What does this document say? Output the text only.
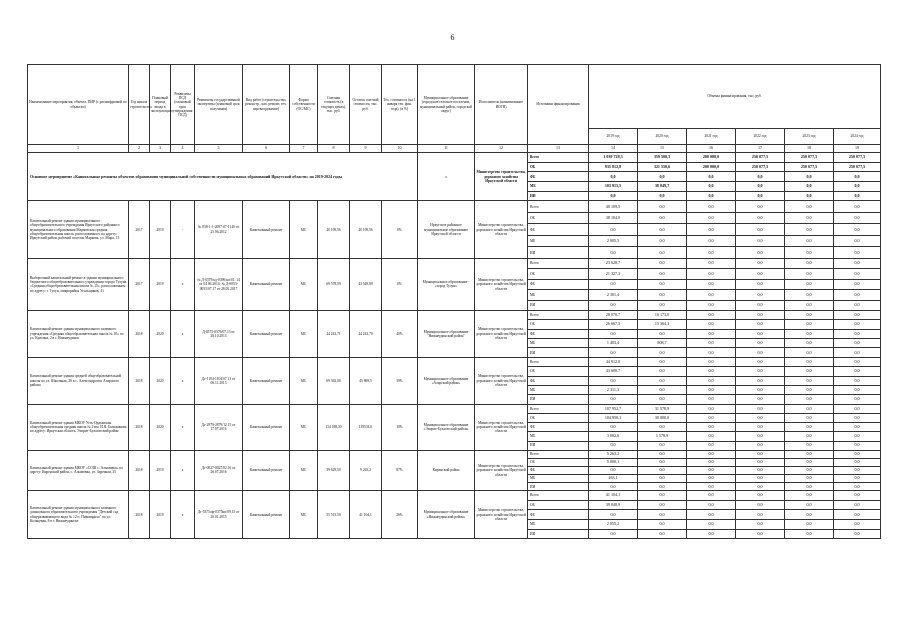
6
Наименование мероприятия, объекта, ПИР (с расшифровкой по объектам)	Год начала строительства	Плановый период ввода в эксплуатацию	Реквизиты ПСД (плановый срок утверждения ПСД)	Реквизиты государственной экспертизы (плановый срок получения)	Вид работ (строительство, реконстр., кап. ремонт, тех. перевооружение)	Форма собственности (ОС/МС)	Сметная стоимость (в текущих ценах), тыс. руб.	Остаток сметной стоимости, тыс. руб.	Тех. готовность (на 1 января тек. фин. года), (в %)	Муниципальное образование (городское/сельское поселение, муниципальный район, городской округ)	Исполнитель (наименование ИОГВ)	Источники финансирования	Объемы финансирования, тыс. руб.					
													2019 год	2020 год	2021 год	2022 год	2023 год	2024 год
1	2	3	4	5	6	7	8	9	10	11	12	13	14	15	16	17	18	19
Основное мероприятие «Капитальные ремонты объектов образования муниципальной собственности муниципальных образований Иркутской области» на 2019-2024 годы										х	Министерство строительства, дорожного хозяйства Иркутской области	Всего	1 039 728,3	359 500,3	200 000,0	250 077,5	250 077,5	250 077,5
												ОБ	935 812,8	321 550,6	200 000,0	250 077,5	250 077,5	250 077,5
												ФБ	0,0	0,0	0,0	0,0	0,0	0,0
												МБ	103 915,5	38 049,7	0,0	0,0	0,0	0,0
												ИИ	0,0	0,0	0,0	0,0	0,0	0,0
Капитальный ремонт здания муниципального общеобразовательного учреждения Иркутского районного муниципального образования Марковская средняя общеобразовательная школа, расположенного по адресу: Иркутский район, рабочий поселок Маркова, ул. Мира, 13	2017	2019	-	№ 038-1-1-2097-07-1140 от 25.06.2012	Капитальный ремонт	МС	40 109,56	40 109,56	0%	Иркутское районное муниципальное образование Иркутской области	Министерство строительства, дорожного хозяйства Иркутской области	Всего	40 109,5	0,0	0,0	0,0	0,0	0,0
												ОБ	38 104,0	0,0	0,0	0,0	0,0	0,0
												ФБ	0,0	0,0	0,0	0,0	0,0	0,0
												МБ	2 005,5	0,0	0,0	0,0	0,0	0,0
												ИИ	0,0	0,0	0,0	0,0	0,0	0,0
Выборочный капитальный ремонт в здании муниципального бюджетного общеобразовательного учреждения города Тулуна «Средняя общеобразовательная школа № 15», расположенном по адресу: г. Тулун, микрорайон Угольщиков, 41	2017	2019	х	№ Д-0379/кд-0390/кп/01. 14 от 04.06.2014; № Д-0053-0053/07.17 от 28.05.2017	Капитальный ремонт	МС	69 578,59	43 549,89	0%	Муниципальное образование - «город Тулун»	Министерство строительства, дорожного хозяйства Иркутской области	Всего	23 628,7	0,0	0,0	0,0	0,0	0,0
												ОБ	21 327,3	0,0	0,0	0,0	0,0	0,0
												ФБ	0,0	0,0	0,0	0,0	0,0	0,0
												МБ	2 301,4	0,0	0,0	0,0	0,0	0,0
												ИИ	0,0	0,0	0,0	0,0	0,0	0,0
Капитальный ремонт здания муниципального казенного учреждения «Средняя общеобразовательная школа № 10» по ул. Красина, 2 в г. Нижнеудинск	2018	2020	х	Д-0575-0576/07.13 от 28.10.2013	Капитальный ремонт	МС	44 243,71	44 243,70	40%	Муниципальное образование "Нижнеудинский район"	Министерство строительства, дорожного хозяйства Иркутской области	Всего	28 070,7	16 173,0	0,0	0,0	0,0	0,0
												ОБ	26 667,3	15 364,3	0,0	0,0	0,0	0,0
												ФБ	0,0	0,0	0,0	0,0	0,0	0,0
												МБ	1 403,4	808,7	0,0	0,0	0,0	0,0
												ИИ	0,0	0,0	0,0	0,0	0,0	0,0
Капитальный ремонт здания средней общеобразовательной школы по ул. Школьная, 26 в с. Александровск Аларского района	2018	2020	х	Дг-1104-1104/07.13 от 06.11.2013	Капитальный ремонт	МС	69 363,00	45 869,5	39%	Муниципальное образование «Аларский район»	Министерство строительства, дорожного хозяйства Иркутской области	Всего	44 912,0	0,0	0,0	0,0	0,0	0,0
												ОБ	43 600,7	0,0	0,0	0,0	0,0	0,0
												ФБ	0,0	0,0	0,0	0,0	0,0	0,0
												МБ	2 311,3	0,0	0,0	0,0	0,0	0,0
												ИИ	0,0	0,0	0,0	0,0	0,0	0,0
Капитальный ремонт здания МКОУ Усть-Ордынская общеобразовательная средняя школа № 2 им. И.Я. Бальжинова по адресу: Иркутская область, Эхирит-Булагатский район	2018	2020	х	Дг-2979-2879/12.15 от 17.07.2016	Капитальный ремонт	МС	154 188,30	139531,6	10%	Муниципальное образование «Эхирит-Булагатский район»	Министерство строительства, дорожного хозяйства Иркутской области	Всего	107 952,7	31 578,9	0,0	0,0	0,0	0,0
												ОБ	104 950,1	30 000,0	0,0	0,0	0,0	0,0
												ФБ	0,0	0,0	0,0	0,0	0,0	0,0
												МБ	3 002,6	1 578,9	0,0	0,0	0,0	0,0
												ИИ	0,0	0,0	0,0	0,0	0,0	0,0
Капитальный ремонт здания МКОУ «СОШ с. Алымовка» по адресу: Киренский район, с. Алымовка, ул. Заречная, 35	2018	2019	х	Дг-0027-0027/02.16 от 26.07.2016	Капитальный ремонт	МС	39 629,50	9 263,2	87%	Киренский район	Министерство строительства, дорожного хозяйства Иркутской области	Всего	5 263,2	0,0	0,0	0,0	0,0	0,0
												ОБ	5 000,1	0,0	0,0	0,0	0,0	0,0
												ФБ	0,0	0,0	0,0	0,0	0,0	0,0
												МБ	263,1	0,0	0,0	0,0	0,0	0,0
												ИИ	0,0	0,0	0,0	0,0	0,0	0,0
Капитальный ремонт здания муниципального казенного дошкольного образовательного учреждения "Детский сад общеразвивающего вида № 12 п. Пивовариха" по ул. Кольцевая, 8 в г. Нижнеудинске	2018	2019	х	Дг-5375оф-0375кп/09.15 от 26.01.2015	Капитальный ремонт	МС	55 515,50	41 104,1	26%	Муниципальное образование «Нижнеудинский район»	Министерство строительства, дорожного хозяйства Иркутской области	Всего	41 104,1	0,0	0,0	0,0	0,0	0,0
												ОБ	39 048,9	0,0	0,0	0,0	0,0	0,0
												ФБ	0,0	0,0	0,0	0,0	0,0	0,0
												МБ	2 055,2	0,0	0,0	0,0	0,0	0,0
												ИИ	0,0	0,0	0,0	0,0	0,0	0,0
